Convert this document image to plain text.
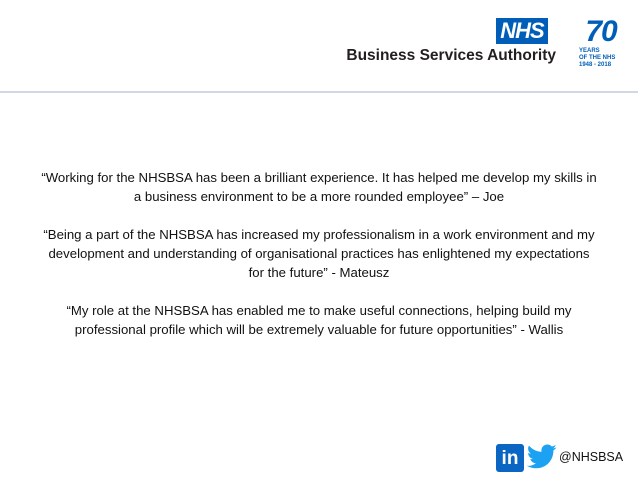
NHS
Business Services Authority
70
YEARS
OF THE NHS
1948 - 2018

“Working for the NHSBSA has been a brilliant experience. It has helped me develop my skills in a business environment to be a more rounded employee” – Joe

“Being a part of the NHSBSA has increased my professionalism in a work environment and my development and understanding of organisational practices has enlightened my expectations for the future” - Mateusz

“My role at the NHSBSA has enabled me to make useful connections, helping build my professional profile which will be extremely valuable for future opportunities” - Wallis

in	@NHSBSA
